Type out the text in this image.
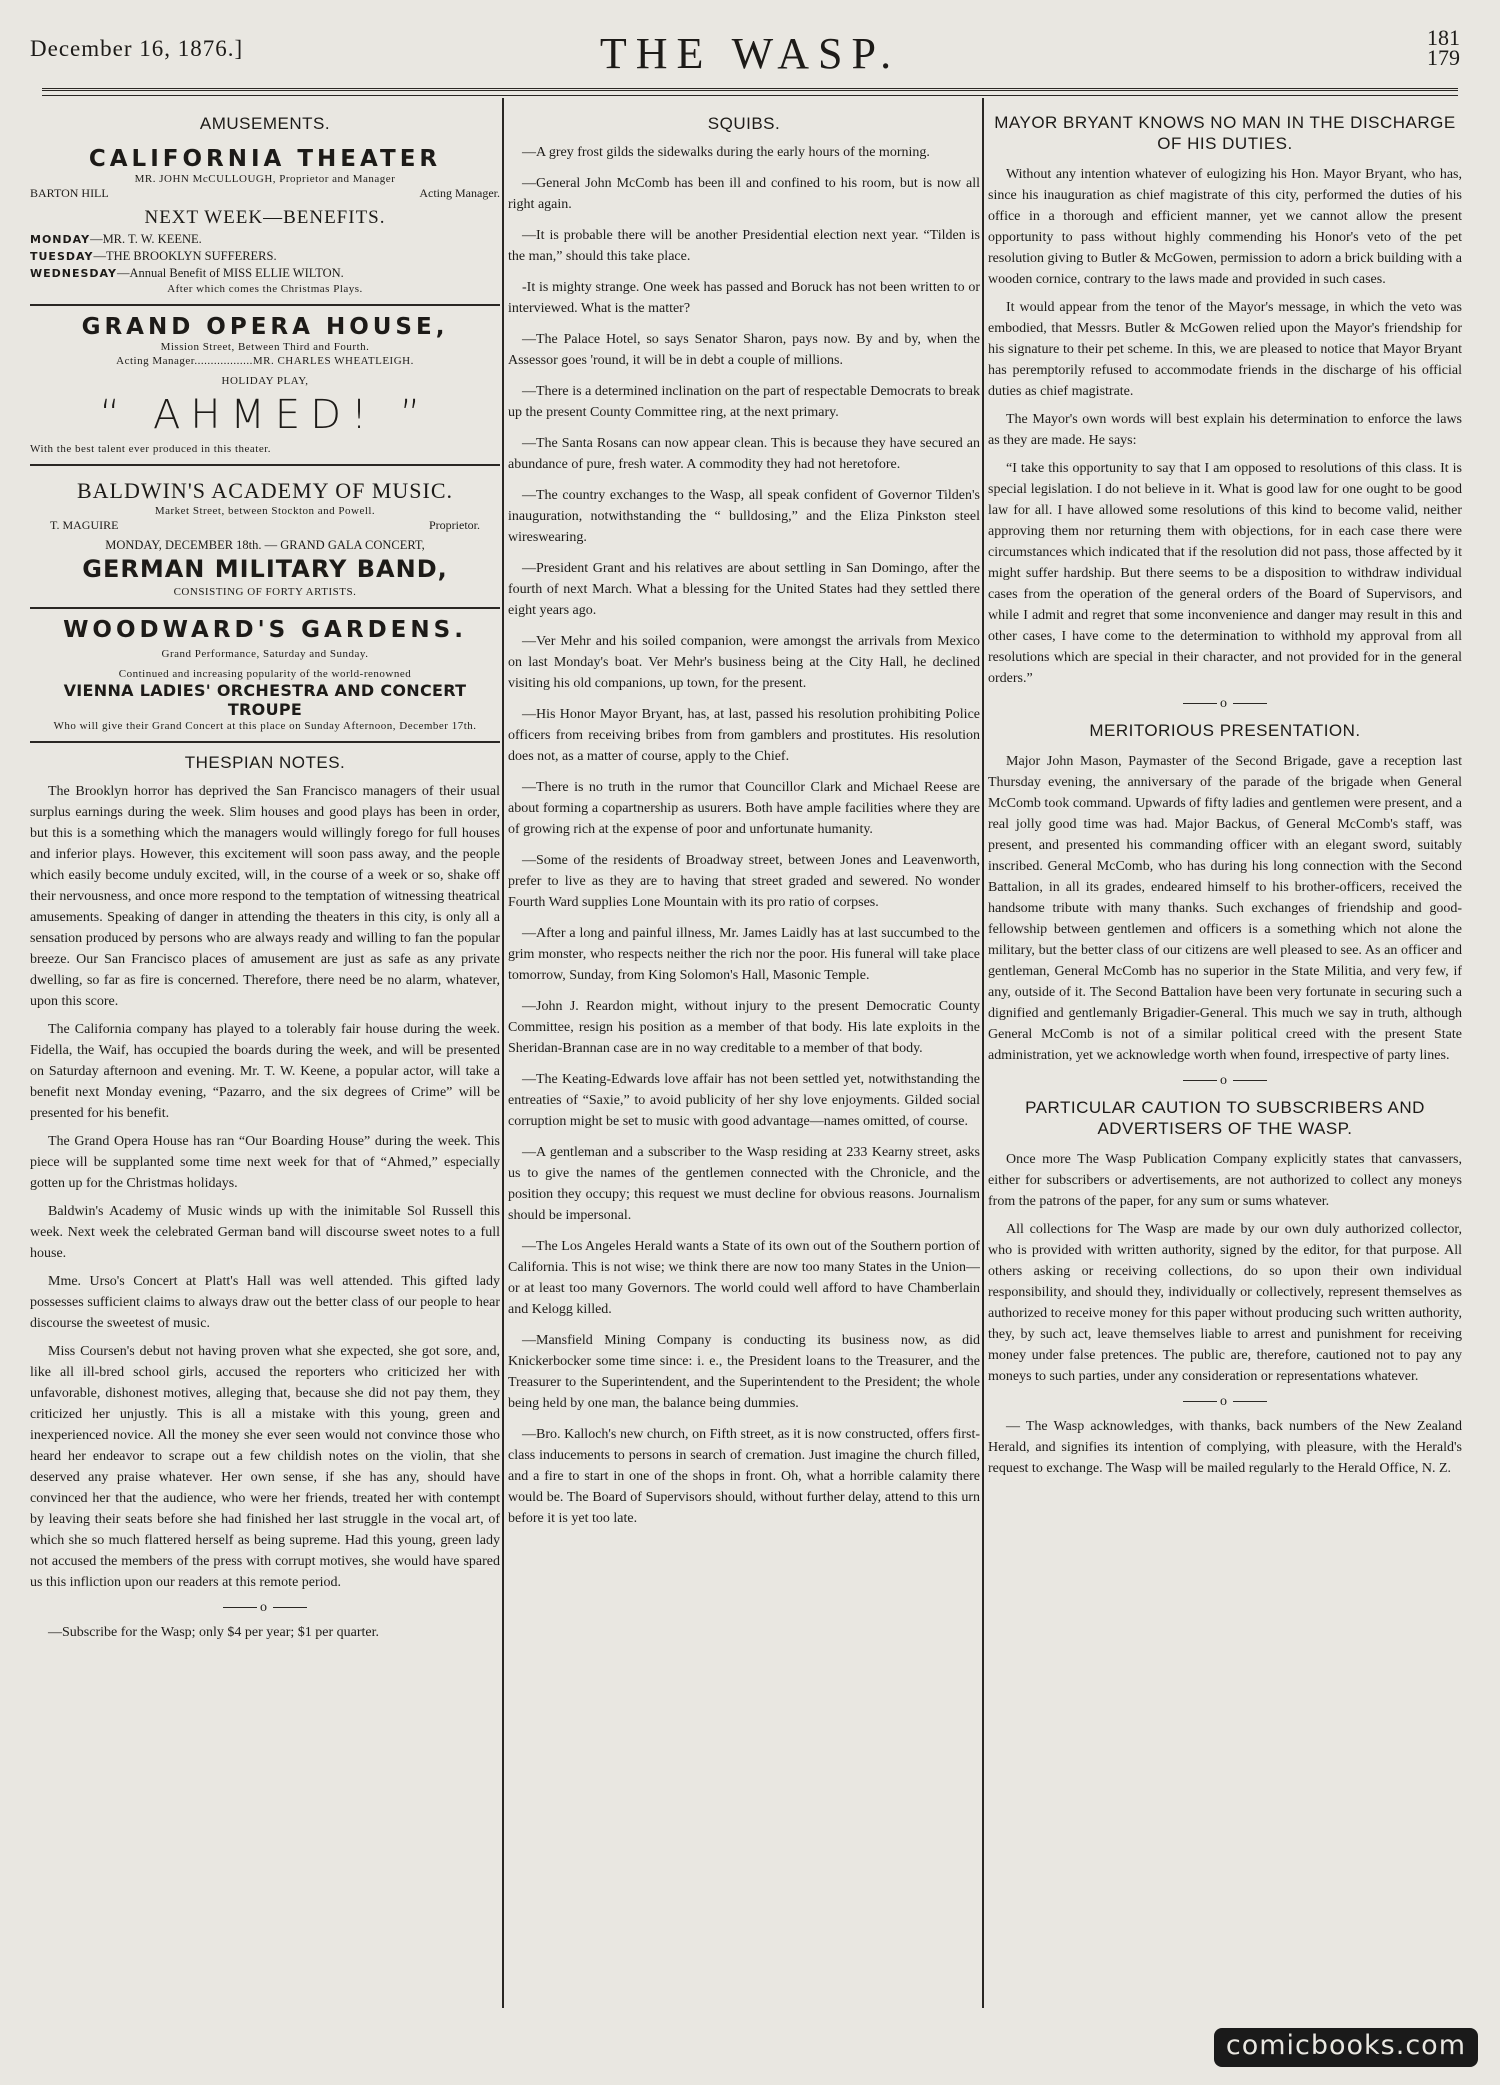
December 16, 1876.]	THE WASP.	181
179
AMUSEMENTS.
CALIFORNIA THEATER
MR. JOHN McCULLOUGH, Proprietor and Manager
BARTON HILL	Acting Manager.
NEXT WEEK—BENEFITS.
MONDAY—MR. T. W. KEENE.
TUESDAY—THE BROOKLYN SUFFERERS.
WEDNESDAY—Annual Benefit of MISS ELLIE WILTON.
After which comes the Christmas Plays.
GRAND OPERA HOUSE,
Mission Street, Between Third and Fourth.
Acting Manager..................MR. CHARLES WHEATLEIGH.
HOLIDAY PLAY,
“ AHMED! ”
With the best talent ever produced in this theater.
BALDWIN'S ACADEMY OF MUSIC.
Market Street, between Stockton and Powell.
T. MAGUIRE	Proprietor.
MONDAY, DECEMBER 18th. — GRAND GALA CONCERT,
GERMAN MILITARY BAND,
CONSISTING OF FORTY ARTISTS.
WOODWARD'S GARDENS.
Grand Performance, Saturday and Sunday.
Continued and increasing popularity of the world-renowned
VIENNA LADIES' ORCHESTRA AND CONCERT TROUPE
Who will give their Grand Concert at this place on Sunday Afternoon, December 17th.
THESPIAN NOTES.

The Brooklyn horror has deprived the San Francisco managers of their usual surplus earnings during the week. Slim houses and good plays has been in order, but this is a something which the managers would willingly forego for full houses and inferior plays. However, this excitement will soon pass away, and the people which easily become unduly excited, will, in the course of a week or so, shake off their nervousness, and once more respond to the temptation of witnessing theatrical amusements. Speaking of danger in attending the theaters in this city, is only all a sensation produced by persons who are always ready and willing to fan the popular breeze. Our San Francisco places of amusement are just as safe as any private dwelling, so far as fire is concerned. Therefore, there need be no alarm, whatever, upon this score.

The California company has played to a tolerably fair house during the week. Fidella, the Waif, has occupied the boards during the week, and will be presented on Saturday afternoon and evening. Mr. T. W. Keene, a popular actor, will take a benefit next Monday evening, “Pazarro, and the six degrees of Crime” will be presented for his benefit.

The Grand Opera House has ran “Our Boarding House” during the week. This piece will be supplanted some time next week for that of “Ahmed,” especially gotten up for the Christmas holidays.

Baldwin's Academy of Music winds up with the inimitable Sol Russell this week. Next week the celebrated German band will discourse sweet notes to a full house.

Mme. Urso's Concert at Platt's Hall was well attended. This gifted lady possesses sufficient claims to always draw out the better class of our people to hear discourse the sweetest of music.

Miss Coursen's debut not having proven what she expected, she got sore, and, like all ill-bred school girls, accused the reporters who criticized her with unfavorable, dishonest motives, alleging that, because she did not pay them, they criticized her unjustly. This is all a mistake with this young, green and inexperienced novice. All the money she ever seen would not convince those who heard her endeavor to scrape out a few childish notes on the violin, that she deserved any praise whatever. Her own sense, if she has any, should have convinced her that the audience, who were her friends, treated her with contempt by leaving their seats before she had finished her last struggle in the vocal art, of which she so much flattered herself as being supreme. Had this young, green lady not accused the members of the press with corrupt motives, she would have spared us this infliction upon our readers at this remote period.

o

—Subscribe for the Wasp; only $4 per year; $1 per quarter.

SQUIBS.

—A grey frost gilds the sidewalks during the early hours of the morning.

—General John McComb has been ill and confined to his room, but is now all right again.

—It is probable there will be another Presidential election next year. “Tilden is the man,” should this take place.

-It is mighty strange. One week has passed and Boruck has not been written to or interviewed. What is the matter?

—The Palace Hotel, so says Senator Sharon, pays now. By and by, when the Assessor goes 'round, it will be in debt a couple of millions.

—There is a determined inclination on the part of respectable Democrats to break up the present County Committee ring, at the next primary.

—The Santa Rosans can now appear clean. This is because they have secured an abundance of pure, fresh water. A commodity they had not heretofore.

—The country exchanges to the Wasp, all speak confident of Governor Tilden's inauguration, notwithstanding the “ bulldosing,” and the Eliza Pinkston steel wireswearing.

—President Grant and his relatives are about settling in San Domingo, after the fourth of next March. What a blessing for the United States had they settled there eight years ago.

—Ver Mehr and his soiled companion, were amongst the arrivals from Mexico on last Monday's boat. Ver Mehr's business being at the City Hall, he declined visiting his old companions, up town, for the present.

—His Honor Mayor Bryant, has, at last, passed his resolution prohibiting Police officers from receiving bribes from from gamblers and prostitutes. His resolution does not, as a matter of course, apply to the Chief.

—There is no truth in the rumor that Councillor Clark and Michael Reese are about forming a copartnership as usurers. Both have ample facilities where they are of growing rich at the expense of poor and unfortunate humanity.

—Some of the residents of Broadway street, between Jones and Leavenworth, prefer to live as they are to having that street graded and sewered. No wonder Fourth Ward supplies Lone Mountain with its pro ratio of corpses.

—After a long and painful illness, Mr. James Laidly has at last succumbed to the grim monster, who respects neither the rich nor the poor. His funeral will take place tomorrow, Sunday, from King Solomon's Hall, Masonic Temple.

—John J. Reardon might, without injury to the present Democratic County Committee, resign his position as a member of that body. His late exploits in the Sheridan-Brannan case are in no way creditable to a member of that body.

—The Keating-Edwards love affair has not been settled yet, notwithstanding the entreaties of “Saxie,” to avoid publicity of her shy love enjoyments. Gilded social corruption might be set to music with good advantage—names omitted, of course.

—A gentleman and a subscriber to the Wasp residing at 233 Kearny street, asks us to give the names of the gentlemen connected with the Chronicle, and the position they occupy; this request we must decline for obvious reasons. Journalism should be impersonal.

—The Los Angeles Herald wants a State of its own out of the Southern portion of California. This is not wise; we think there are now too many States in the Union—or at least too many Governors. The world could well afford to have Chamberlain and Kelogg killed.

—Mansfield Mining Company is conducting its business now, as did Knickerbocker some time since: i. e., the President loans to the Treasurer, and the Treasurer to the Superintendent, and the Superintendent to the President; the whole being held by one man, the balance being dummies.

—Bro. Kalloch's new church, on Fifth street, as it is now constructed, offers first-class inducements to persons in search of cremation. Just imagine the church filled, and a fire to start in one of the shops in front. Oh, what a horrible calamity there would be. The Board of Supervisors should, without further delay, attend to this urn before it is yet too late.

MAYOR BRYANT KNOWS NO MAN IN THE DISCHARGE OF HIS DUTIES.

Without any intention whatever of eulogizing his Hon. Mayor Bryant, who has, since his inauguration as chief magistrate of this city, performed the duties of his office in a thorough and efficient manner, yet we cannot allow the present opportunity to pass without highly commending his Honor's veto of the pet resolution giving to Butler & McGowen, permission to adorn a brick building with a wooden cornice, contrary to the laws made and provided in such cases.

It would appear from the tenor of the Mayor's message, in which the veto was embodied, that Messrs. Butler & McGowen relied upon the Mayor's friendship for his signature to their pet scheme. In this, we are pleased to notice that Mayor Bryant has peremptorily refused to accommodate friends in the discharge of his official duties as chief magistrate.

The Mayor's own words will best explain his determination to enforce the laws as they are made. He says:

“I take this opportunity to say that I am opposed to resolutions of this class. It is special legislation. I do not believe in it. What is good law for one ought to be good law for all. I have allowed some resolutions of this kind to become valid, neither approving them nor returning them with objections, for in each case there were circumstances which indicated that if the resolution did not pass, those affected by it might suffer hardship. But there seems to be a disposition to withdraw individual cases from the operation of the general orders of the Board of Supervisors, and while I admit and regret that some inconvenience and danger may result in this and other cases, I have come to the determination to withhold my approval from all resolutions which are special in their character, and not provided for in the general orders.”

o
MERITORIOUS PRESENTATION.

Major John Mason, Paymaster of the Second Brigade, gave a reception last Thursday evening, the anniversary of the parade of the brigade when General McComb took command. Upwards of fifty ladies and gentlemen were present, and a real jolly good time was had. Major Backus, of General McComb's staff, was present, and presented his commanding officer with an elegant sword, suitably inscribed. General McComb, who has during his long connection with the Second Battalion, in all its grades, endeared himself to his brother-officers, received the handsome tribute with many thanks. Such exchanges of friendship and good-fellowship between gentlemen and officers is a something which not alone the military, but the better class of our citizens are well pleased to see. As an officer and gentleman, General McComb has no superior in the State Militia, and very few, if any, outside of it. The Second Battalion have been very fortunate in securing such a dignified and gentlemanly Brigadier-General. This much we say in truth, although General McComb is not of a similar political creed with the present State administration, yet we acknowledge worth when found, irrespective of party lines.

o
PARTICULAR CAUTION TO SUBSCRIBERS AND ADVERTISERS OF THE WASP.

Once more The Wasp Publication Company explicitly states that canvassers, either for subscribers or advertisements, are not authorized to collect any moneys from the patrons of the paper, for any sum or sums whatever.

All collections for The Wasp are made by our own duly authorized collector, who is provided with written authority, signed by the editor, for that purpose. All others asking or receiving collections, do so upon their own individual responsibility, and should they, individually or collectively, represent themselves as authorized to receive money for this paper without producing such written authority, they, by such act, leave themselves liable to arrest and punishment for receiving money under false pretences. The public are, therefore, cautioned not to pay any moneys to such parties, under any consideration or representations whatever.

o

— The Wasp acknowledges, with thanks, back numbers of the New Zealand Herald, and signifies its intention of complying, with pleasure, with the Herald's request to exchange. The Wasp will be mailed regularly to the Herald Office, N. Z.

comicbooks.com
